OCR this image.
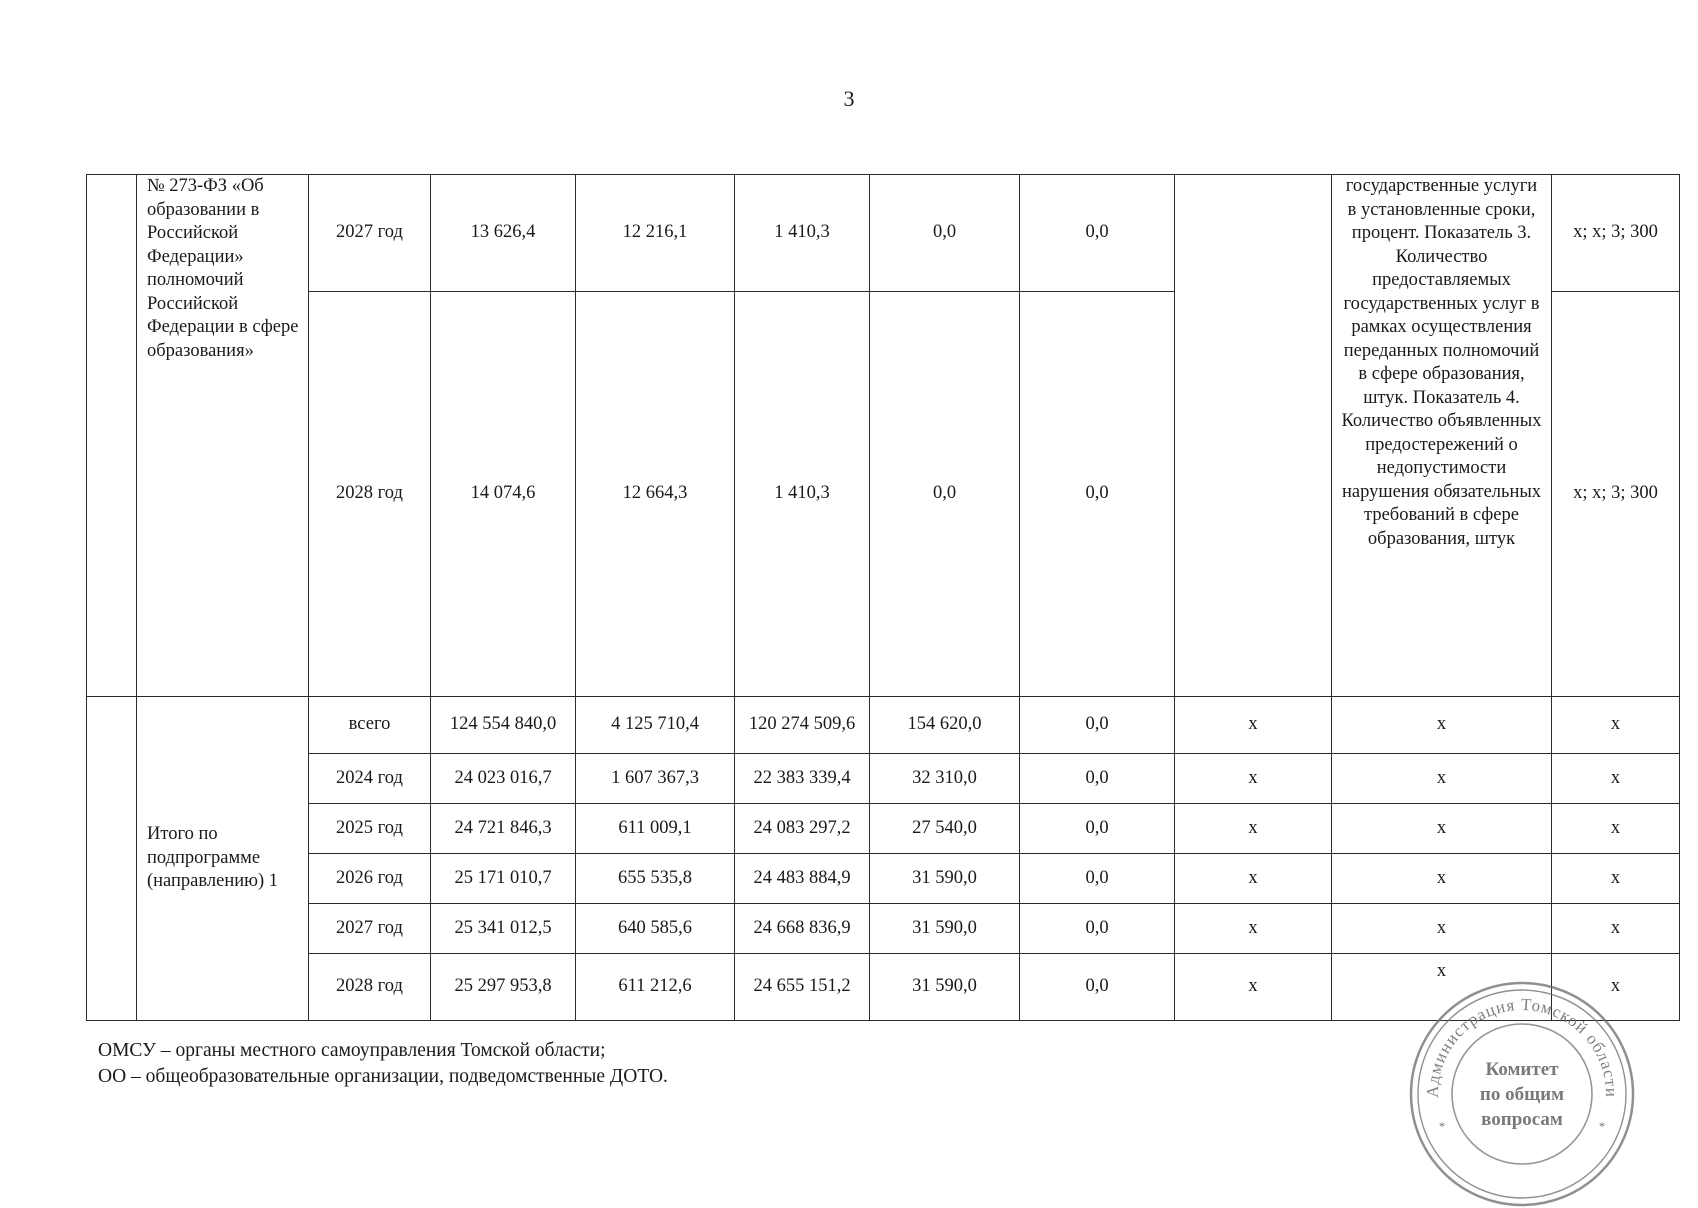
3
	№ 273-ФЗ «Об образовании в Российской Федерации» полномочий Российской Федерации в сфере образования»	2027 год	13 626,4	12 216,1	1 410,3	0,0	0,0		государственные услуги в установленные сроки, процент. Показатель 3. Количество предоставляемых государственных услуг в рамках осуществления переданных полномочий в сфере образования, штук. Показатель 4. Количество объявленных предостережений о недопустимости нарушения обязательных требований в сфере образования, штук	x; x; 3; 300
		2028 год	14 074,6	12 664,3	1 410,3	0,0	0,0			x; x; 3; 300
	Итого по подпрограмме (направлению) 1	всего	124 554 840,0	4 125 710,4	120 274 509,6	154 620,0	0,0	x	x	x
		2024 год	24 023 016,7	1 607 367,3	22 383 339,4	32 310,0	0,0	x	x	x
		2025 год	24 721 846,3	611 009,1	24 083 297,2	27 540,0	0,0	x	x	x
		2026 год	25 171 010,7	655 535,8	24 483 884,9	31 590,0	0,0	x	x	x
		2027 год	25 341 012,5	640 585,6	24 668 836,9	31 590,0	0,0	x	x	x
		2028 год	25 297 953,8	611 212,6	24 655 151,2	31 590,0	0,0	x	x	x
ОМСУ – органы местного самоуправления Томской области;
ОО – общеобразовательные организации, подведомственные ДОТО.
Администрация Томской области
*	*
Комитет
по общим
вопросам
